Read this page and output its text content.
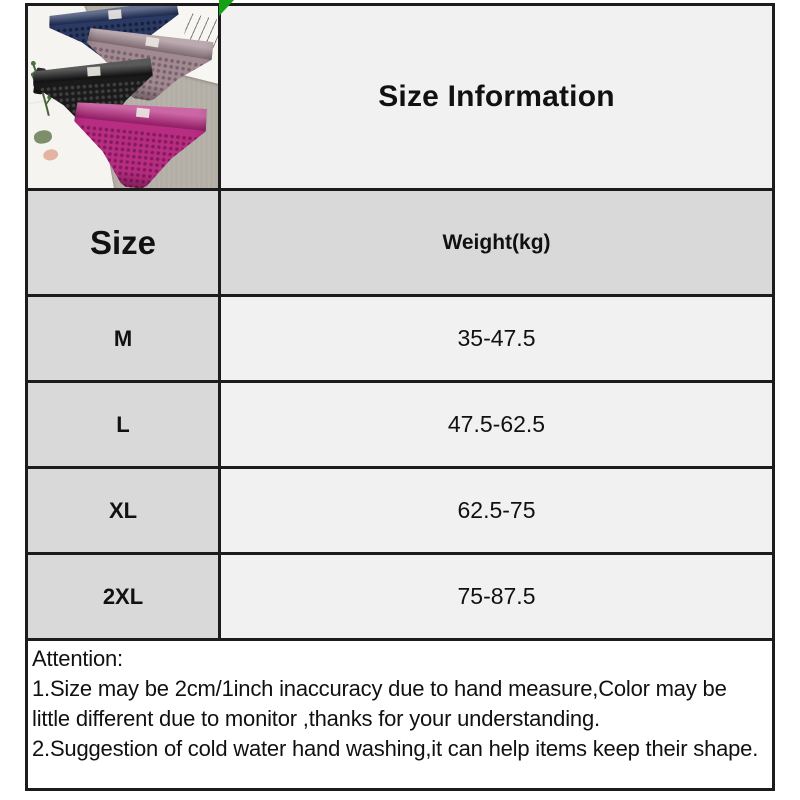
Size Information
Size	Weight(kg)
M	35-47.5
L	47.5-62.5
XL	62.5-75
2XL	75-87.5
Attention:
1.Size may be 2cm/1inch inaccuracy due to hand measure,Color may be little different due to monitor ,thanks for your understanding.
2.Suggestion of cold water hand washing,it can help items keep their shape.
